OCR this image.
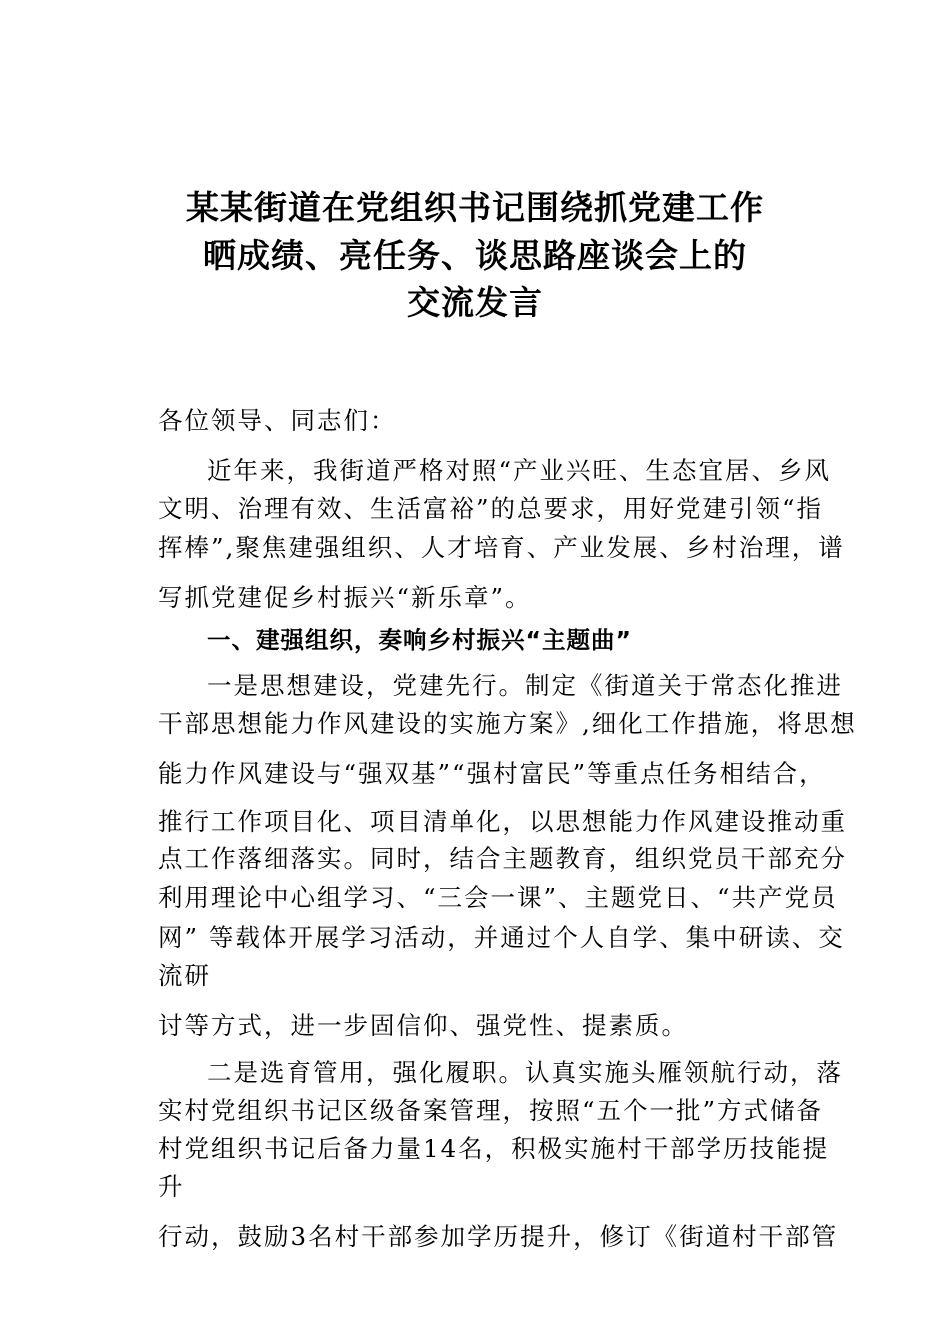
某某街道在党组织书记围绕抓党建工作
晒成绩、亮任务、谈思路座谈会上的
交流发言
各位领导、同志们：
近年来，我街道严格对照“产业兴旺、生态宜居、乡风
文明、治理有效、生活富裕”的总要求，用好党建引领“指
挥棒”,聚焦建强组织、人才培育、产业发展、乡村治理，谱
写抓党建促乡村振兴“新乐章”。
一、建强组织，奏响乡村振兴“主题曲”
一是思想建设，党建先行。制定《街道关于常态化推进
干部思想能力作风建设的实施方案》,细化工作措施，将思想
能力作风建设与“强双基”“强村富民”等重点任务相结合，
推行工作项目化、项目清单化，以思想能力作风建设推动重
点工作落细落实。同时，结合主题教育，组织党员干部充分
利用理论中心组学习、“三会一课”、主题党日、“共产党员
网” 等载体开展学习活动，并通过个人自学、集中研读、交
流研
讨等方式，进一步固信仰、强党性、提素质。
二是选育管用，强化履职。认真实施头雁领航行动，落
实村党组织书记区级备案管理，按照“五个一批”方式储备
村党组织书记后备力量14名，积极实施村干部学历技能提
升
行动，鼓励3名村干部参加学历提升，修订《街道村干部管
